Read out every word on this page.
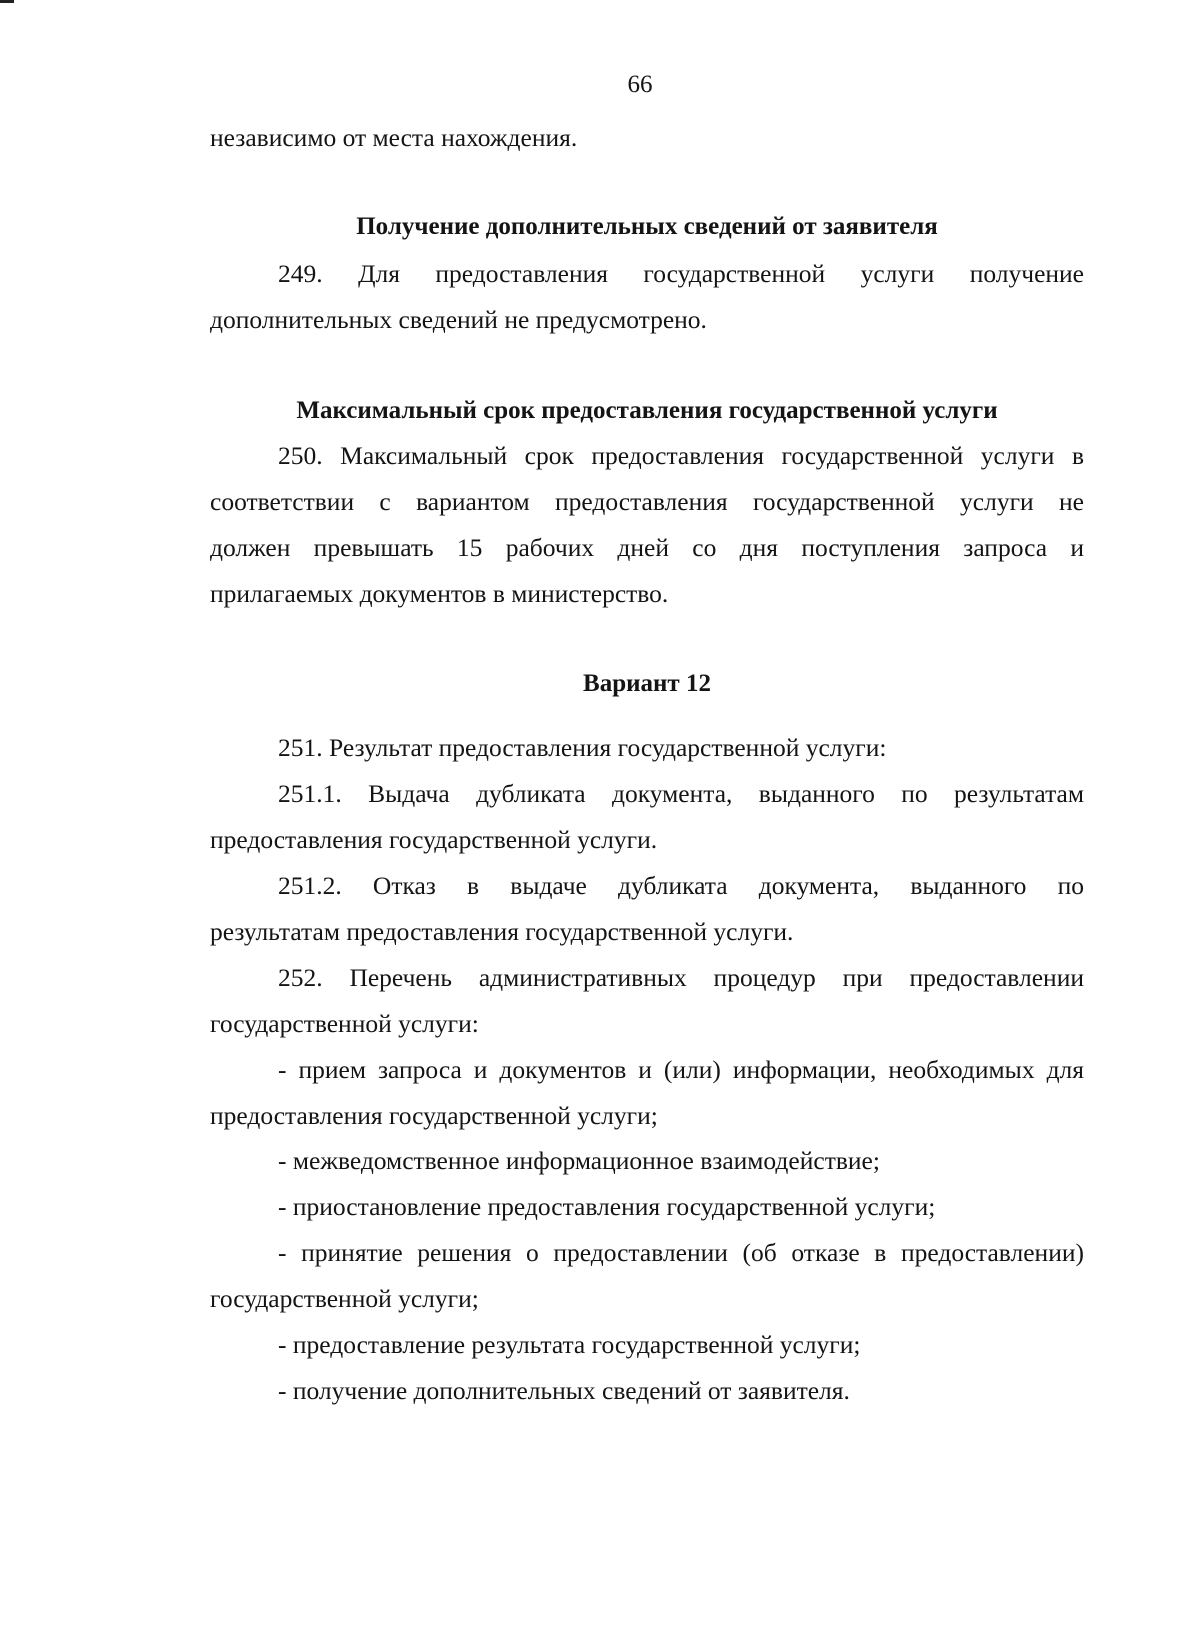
66
независимо от места нахождения.
Получение дополнительных сведений от заявителя
249. Для предоставления государственной услуги получение
дополнительных сведений не предусмотрено.
Максимальный срок предоставления государственной услуги
250. Максимальный срок предоставления государственной услуги в
соответствии с вариантом предоставления государственной услуги не
должен превышать 15 рабочих дней со дня поступления запроса и
прилагаемых документов в министерство.
Вариант 12
251. Результат предоставления государственной услуги:
251.1. Выдача дубликата документа, выданного по результатам
предоставления государственной услуги.
251.2. Отказ в выдаче дубликата документа, выданного по
результатам предоставления государственной услуги.
252. Перечень административных процедур при предоставлении
государственной услуги:
- прием запроса и документов и (или) информации, необходимых для
предоставления государственной услуги;
- межведомственное информационное взаимодействие;
- приостановление предоставления государственной услуги;
- принятие решения о предоставлении (об отказе в предоставлении)
государственной услуги;
- предоставление результата государственной услуги;
- получение дополнительных сведений от заявителя.
